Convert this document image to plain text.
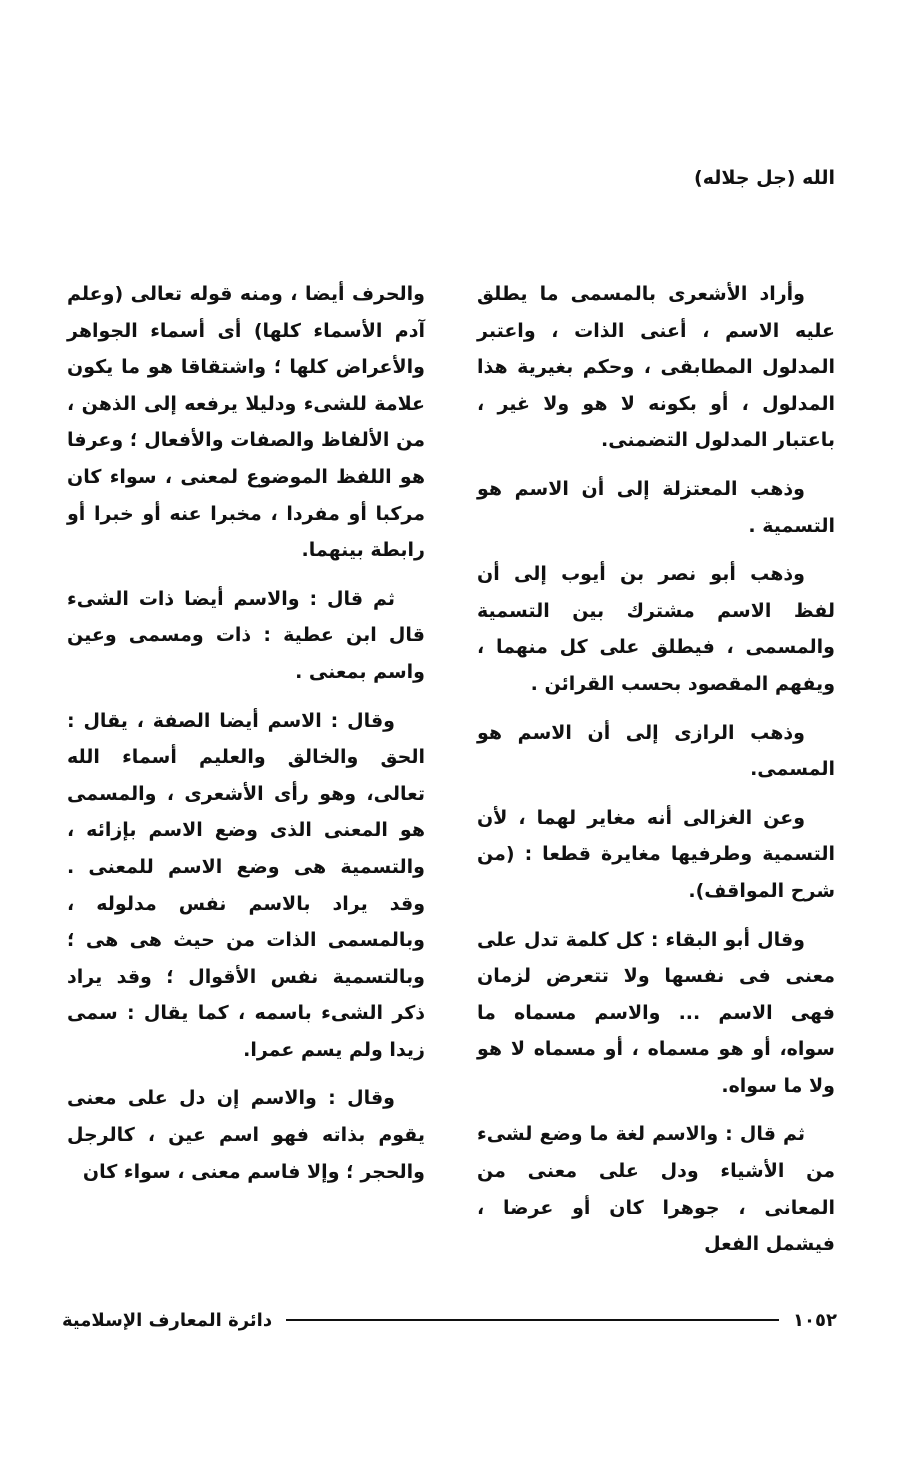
الله (جل جلاله)

وأراد الأشعرى بالمسمى ما يطلق عليه الاسم ، أعنى الذات ، واعتبر المدلول المطابقى ، وحكم بغيرية هذا المدلول ، أو بكونه لا هو ولا غير ، باعتبار المدلول التضمنى.

وذهب المعتزلة إلى أن الاسم هو التسمية .

وذهب أبو نصر بن أيوب إلى أن لفظ الاسم مشترك بين التسمية والمسمى ، فيطلق على كل منهما ، ويفهم المقصود بحسب القرائن .

وذهب الرازى إلى أن الاسم هو المسمى.

وعن الغزالى أنه مغاير لهما ، لأن التسمية وطرفيها مغايرة قطعا : (من شرح المواقف).

وقال أبو البقاء : كل كلمة تدل على معنى فى نفسها ولا تتعرض لزمان فهى الاسم ... والاسم مسماه ما سواه، أو هو مسماه ، أو مسماه لا هو ولا ما سواه.

ثم قال : والاسم لغة ما وضع لشىء من الأشياء ودل على معنى من المعانى ، جوهرا كان أو عرضا ، فيشمل الفعل

والحرف أيضا ، ومنه قوله تعالى (وعلم آدم الأسماء كلها) أى أسماء الجواهر والأعراض كلها ؛ واشتقاقا هو ما يكون علامة للشىء ودليلا يرفعه إلى الذهن ، من الألفاظ والصفات والأفعال ؛ وعرفا هو اللفظ الموضوع لمعنى ، سواء كان مركبا أو مفردا ، مخبرا عنه أو خبرا أو رابطة بينهما.

ثم قال : والاسم أيضا ذات الشىء قال ابن عطية : ذات ومسمى وعين واسم بمعنى .

وقال : الاسم أيضا الصفة ، يقال : الحق والخالق والعليم أسماء الله تعالى، وهو رأى الأشعرى ، والمسمى هو المعنى الذى وضع الاسم بإزائه ، والتسمية هى وضع الاسم للمعنى . وقد يراد بالاسم نفس مدلوله ، وبالمسمى الذات من حيث هى هى ؛ وبالتسمية نفس الأقوال ؛ وقد يراد ذكر الشىء باسمه ، كما يقال : سمى زيدا ولم يسم عمرا.

وقال : والاسم إن دل على معنى يقوم بذاته فهو اسم عين ، كالرجل والحجر ؛ وإلا فاسم معنى ، سواء كان

١٠٥٢
دائرة المعارف الإسلامية
